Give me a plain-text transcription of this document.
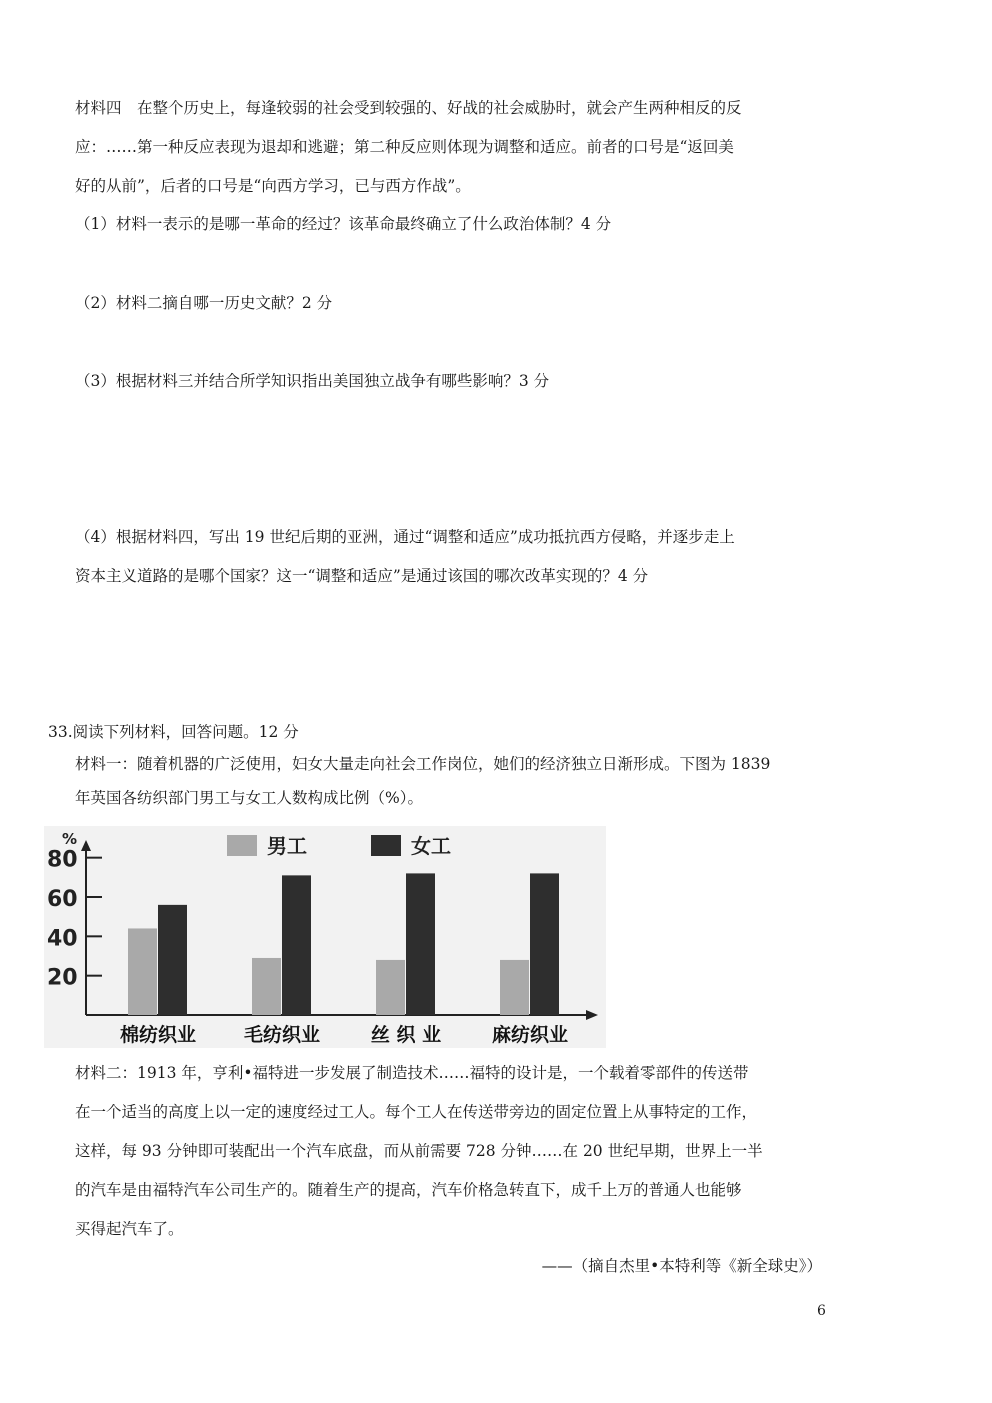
材料四　在整个历史上，每逢较弱的社会受到较强的、好战的社会威胁时，就会产生两种相反的反
应：……第一种反应表现为退却和逃避；第二种反应则体现为调整和适应。前者的口号是“返回美
好的从前”，后者的口号是“向西方学习，已与西方作战”。
（1）材料一表示的是哪一革命的经过？该革命最终确立了什么政治体制？4 分
（2）材料二摘自哪一历史文献？2 分
（3）根据材料三并结合所学知识指出美国独立战争有哪些影响？3 分
（4）根据材料四，写出 19 世纪后期的亚洲，通过“调整和适应”成功抵抗西方侵略，并逐步走上
资本主义道路的是哪个国家？这一“调整和适应”是通过该国的哪次改革实现的？4 分
33.阅读下列材料，回答问题。12 分
材料一：随着机器的广泛使用，妇女大量走向社会工作岗位，她们的经济独立日渐形成。下图为 1839
年英国各纺织部门男工与女工人数构成比例（%）。
%
20
40
60
80
男工	女工
棉纺织业	毛纺织业	丝 织 业	麻纺织业
材料二：1913 年，亨利•福特进一步发展了制造技术……福特的设计是，一个载着零部件的传送带
在一个适当的高度上以一定的速度经过工人。每个工人在传送带旁边的固定位置上从事特定的工作，
这样，每 93 分钟即可装配出一个汽车底盘，而从前需要 728 分钟……在 20 世纪早期，世界上一半
的汽车是由福特汽车公司生产的。随着生产的提高，汽车价格急转直下，成千上万的普通人也能够
买得起汽车了。
——（摘自杰里•本特利等《新全球史》）
6
